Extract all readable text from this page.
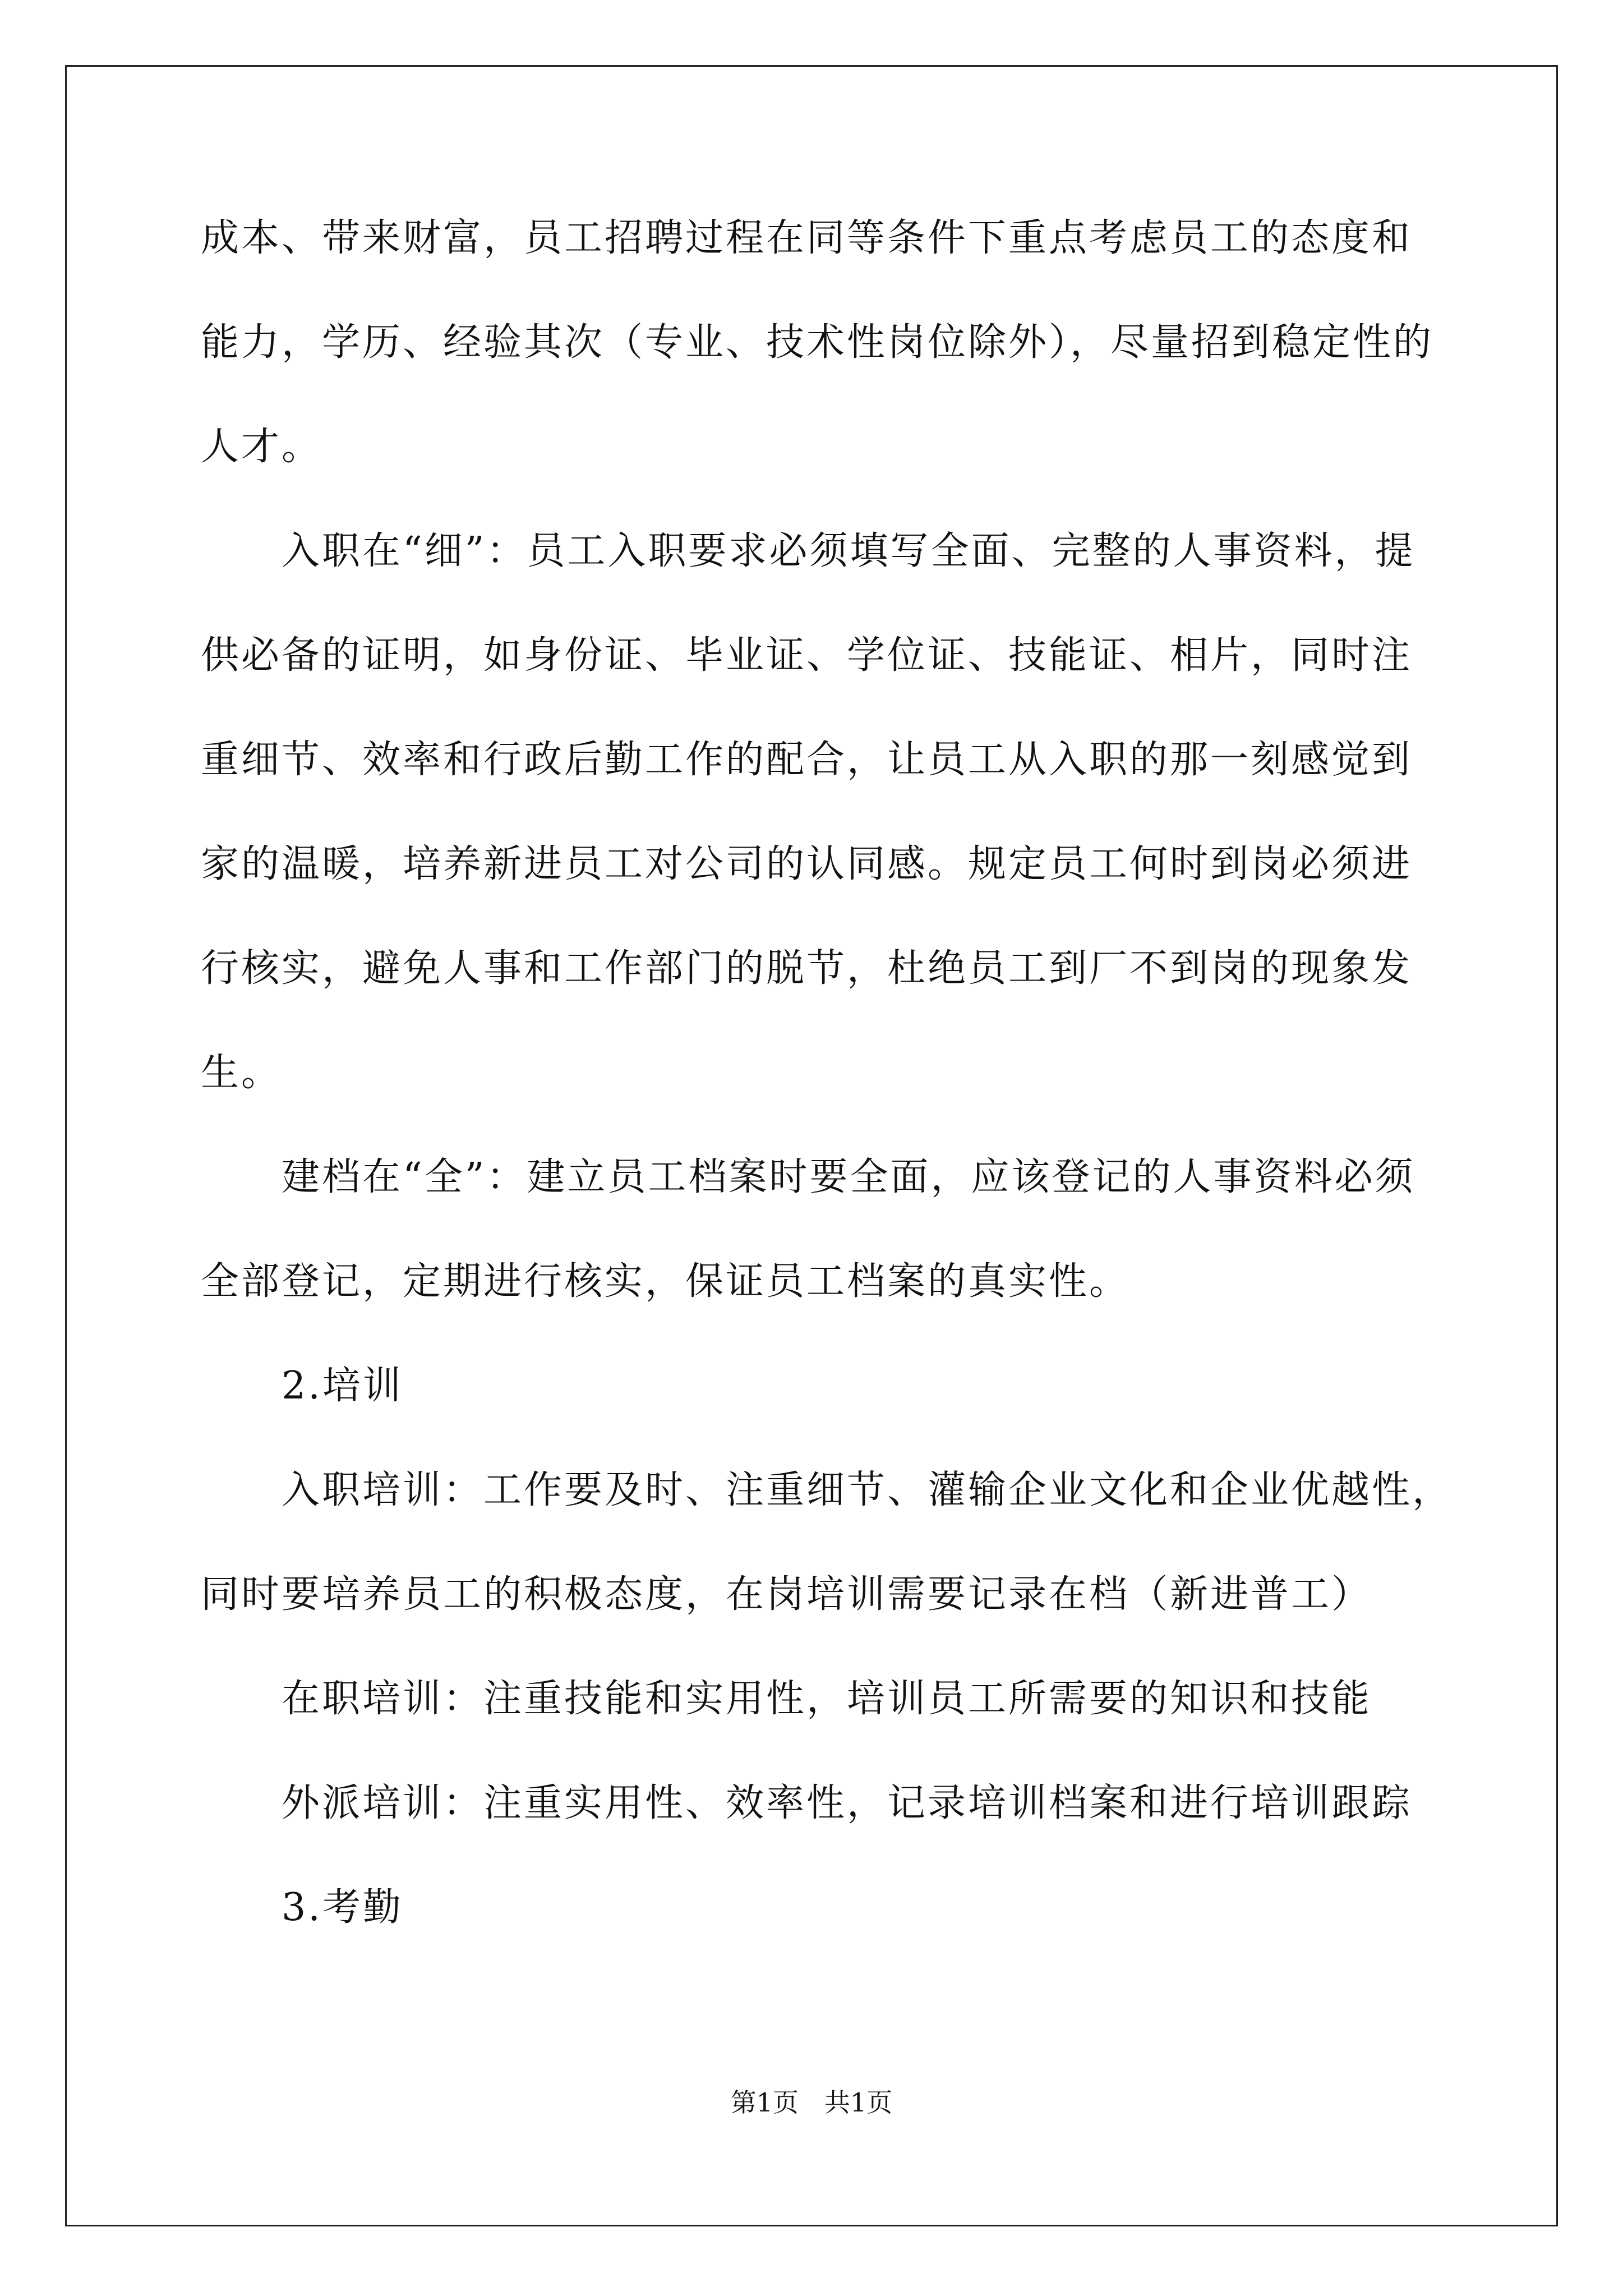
成本、带来财富，员工招聘过程在同等条件下重点考虑员工的态度和
能力，学历、经验其次（专业、技术性岗位除外），尽量招到稳定性的
人才。
入职在“细”：员工入职要求必须填写全面、完整的人事资料，提
供必备的证明，如身份证、毕业证、学位证、技能证、相片，同时注
重细节、效率和行政后勤工作的配合，让员工从入职的那一刻感觉到
家的温暖，培养新进员工对公司的认同感。规定员工何时到岗必须进
行核实，避免人事和工作部门的脱节，杜绝员工到厂不到岗的现象发
生。
建档在“全”：建立员工档案时要全面，应该登记的人事资料必须
全部登记，定期进行核实，保证员工档案的真实性。
2.培训
入职培训：工作要及时、注重细节、灌输企业文化和企业优越性，
同时要培养员工的积极态度，在岗培训需要记录在档（新进普工）
在职培训：注重技能和实用性，培训员工所需要的知识和技能
外派培训：注重实用性、效率性，记录培训档案和进行培训跟踪
3.考勤
第1页　共1页
